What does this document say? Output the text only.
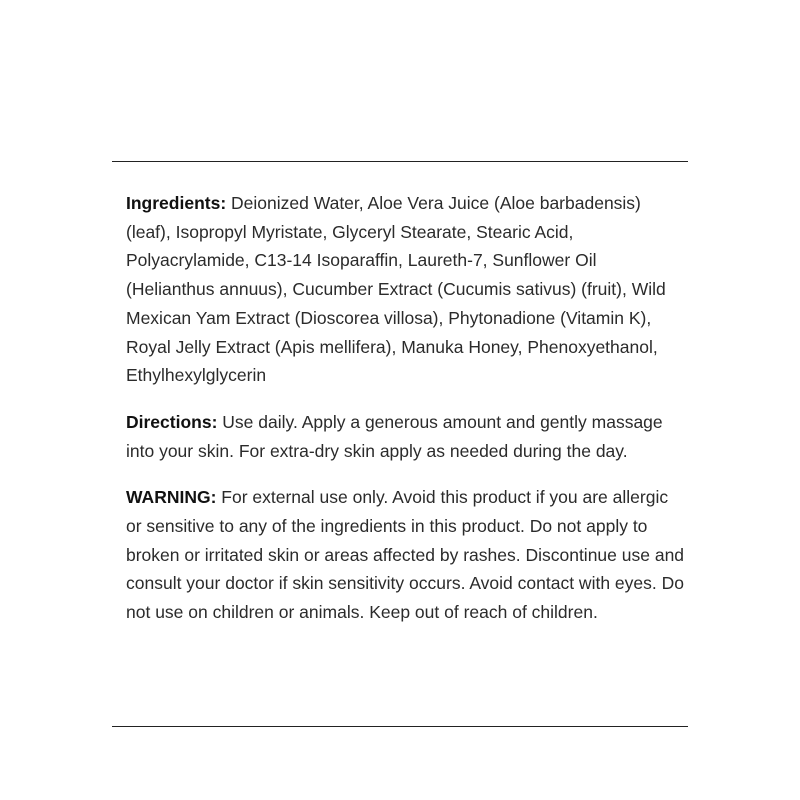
Ingredients: Deionized Water, Aloe Vera Juice (Aloe barbadensis) (leaf), Isopropyl Myristate, Glyceryl Stearate, Stearic Acid, Polyacrylamide, C13-14 Isoparaffin, Laureth-7, Sunflower Oil (Helianthus annuus), Cucumber Extract (Cucumis sativus) (fruit), Wild Mexican Yam Extract (Dioscorea villosa), Phytonadione (Vitamin K), Royal Jelly Extract (Apis mellifera), Manuka Honey, Phenoxyethanol, Ethylhexylglycerin

Directions: Use daily. Apply a generous amount and gently massage into your skin. For extra-dry skin apply as needed during the day.

WARNING: For external use only. Avoid this product if you are allergic or sensitive to any of the ingredients in this product. Do not apply to broken or irritated skin or areas affected by rashes. Discontinue use and consult your doctor if skin sensitivity occurs. Avoid contact with eyes. Do not use on children or animals. Keep out of reach of children.
